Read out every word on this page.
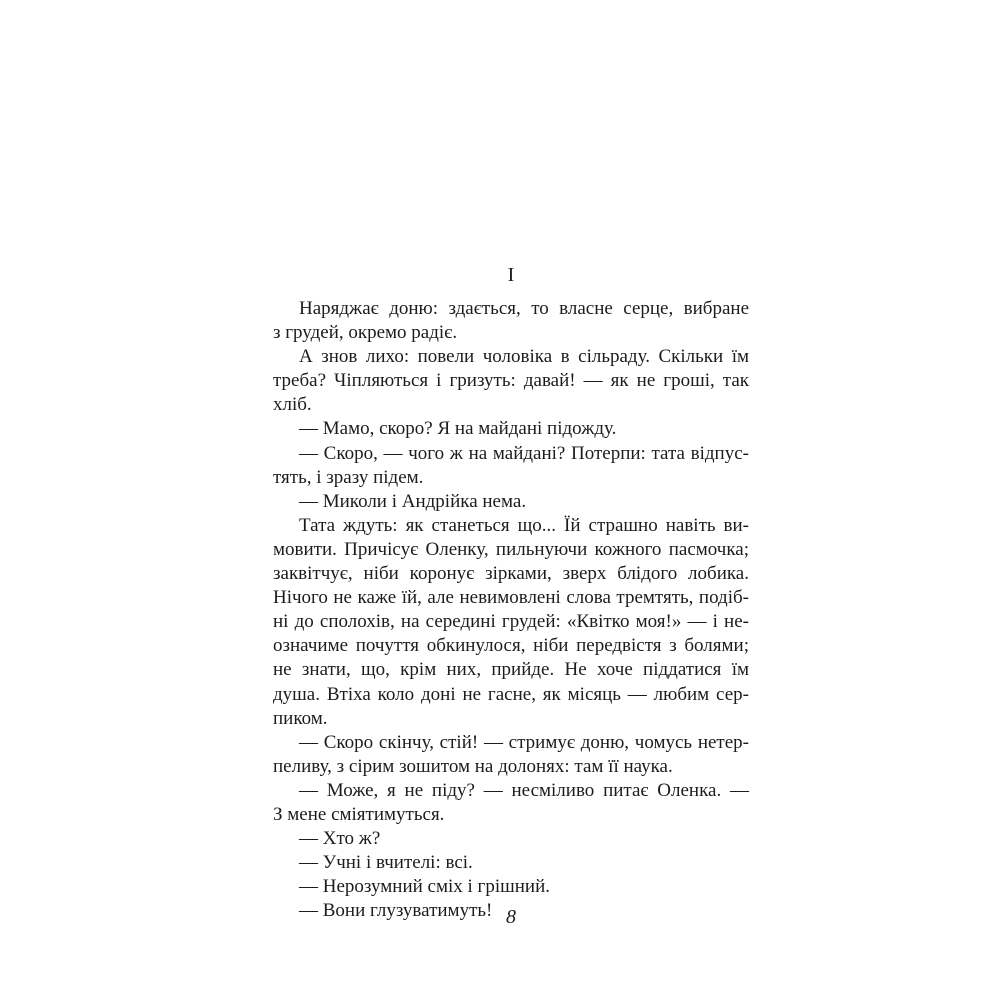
І
Наряджає доню: здається, то власне серце, вибране
з грудей, окремо радіє.
А знов лихо: повели чоловіка в сільраду. Скільки їм
треба? Чіпляються і гризуть: давай! — як не гроші, так
хліб.
— Мамо, скоро? Я на майдані підожду.
— Скоро, — чого ж на майдані? Потерпи: тата відпус-
тять, і зразу підем.
— Миколи і Андрійка нема.
Тата ждуть: як станеться що... Їй страшно навіть ви-
мовити. Причісує Оленку, пильнуючи кожного пасмочка;
заквітчує, ніби коронує зірками, зверх блідого лобика.
Нічого не каже їй, але невимовлені слова тремтять, подіб-
ні до сполохів, на середині грудей: «Квітко моя!» — і не-
означиме почуття обкинулося, ніби передвістя з болями;
не знати, що, крім них, прийде. Не хоче піддатися їм
душа. Втіха коло доні не гасне, як місяць — любим сер-
пиком.
— Скоро скінчу, стій! — стримує доню, чомусь нетер-
пеливу, з сірим зошитом на долонях: там її наука.
— Може, я не піду? — несміливо питає Оленка. —
З мене сміятимуться.
— Хто ж?
— Учні і вчителі: всі.
— Нерозумний сміх і грішний.
— Вони глузуватимуть! 8
